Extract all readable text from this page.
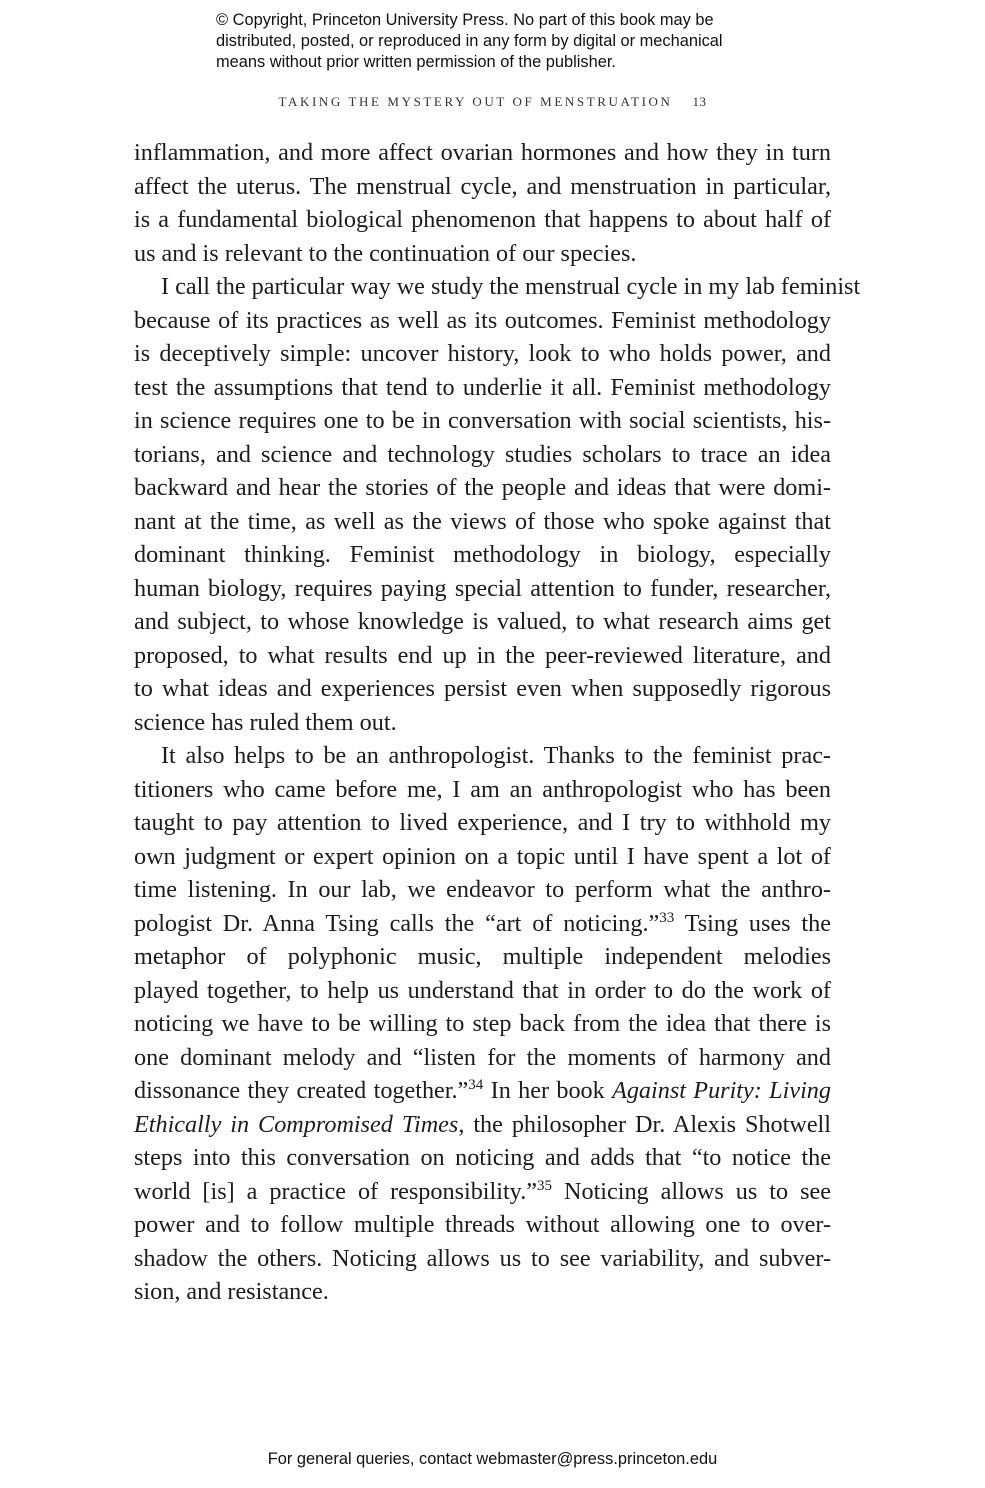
© Copyright, Princeton University Press. No part of this book may be
distributed, posted, or reproduced in any form by digital or mechanical
means without prior written permission of the publisher.
TAKING THE MYSTERY OUT OF MENSTRUATION 13
inflammation, and more affect ovarian hormones and how they in turn
affect the uterus. The menstrual cycle, and menstruation in particular,
is a fundamental biological phenomenon that happens to about half of
us and is relevant to the continuation of our species.
I call the particular way we study the menstrual cycle in my lab feminist
because of its practices as well as its outcomes. Feminist methodology
is deceptively simple: uncover history, look to who holds power, and
test the assumptions that tend to underlie it all. Feminist methodology
in science requires one to be in conversation with social scientists, his-
torians, and science and technology studies scholars to trace an idea
backward and hear the stories of the people and ideas that were domi-
nant at the time, as well as the views of those who spoke against that
dominant thinking. Feminist methodology in biology, especially
human biology, requires paying special attention to funder, researcher,
and subject, to whose knowledge is valued, to what research aims get
proposed, to what results end up in the peer-reviewed literature, and
to what ideas and experiences persist even when supposedly rigorous
science has ruled them out.
It also helps to be an anthropologist. Thanks to the feminist prac-
titioners who came before me, I am an anthropologist who has been
taught to pay attention to lived experience, and I try to withhold my
own judgment or expert opinion on a topic until I have spent a lot of
time listening. In our lab, we endeavor to perform what the anthro-
pologist Dr. Anna Tsing calls the “art of noticing.”$^{33}$ Tsing uses the
metaphor of polyphonic music, multiple independent melodies
played together, to help us understand that in order to do the work of
noticing we have to be willing to step back from the idea that there is
one dominant melody and “listen for the moments of harmony and
dissonance they created together.”$^{34}$ In her book Against Purity: Living
Ethically in Compromised Times, the philosopher Dr. Alexis Shotwell
steps into this conversation on noticing and adds that “to notice the
world [is] a practice of responsibility.”$^{35}$ Noticing allows us to see
power and to follow multiple threads without allowing one to over-
shadow the others. Noticing allows us to see variability, and subver-
sion, and resistance.
For general queries, contact webmaster@press.princeton.edu
